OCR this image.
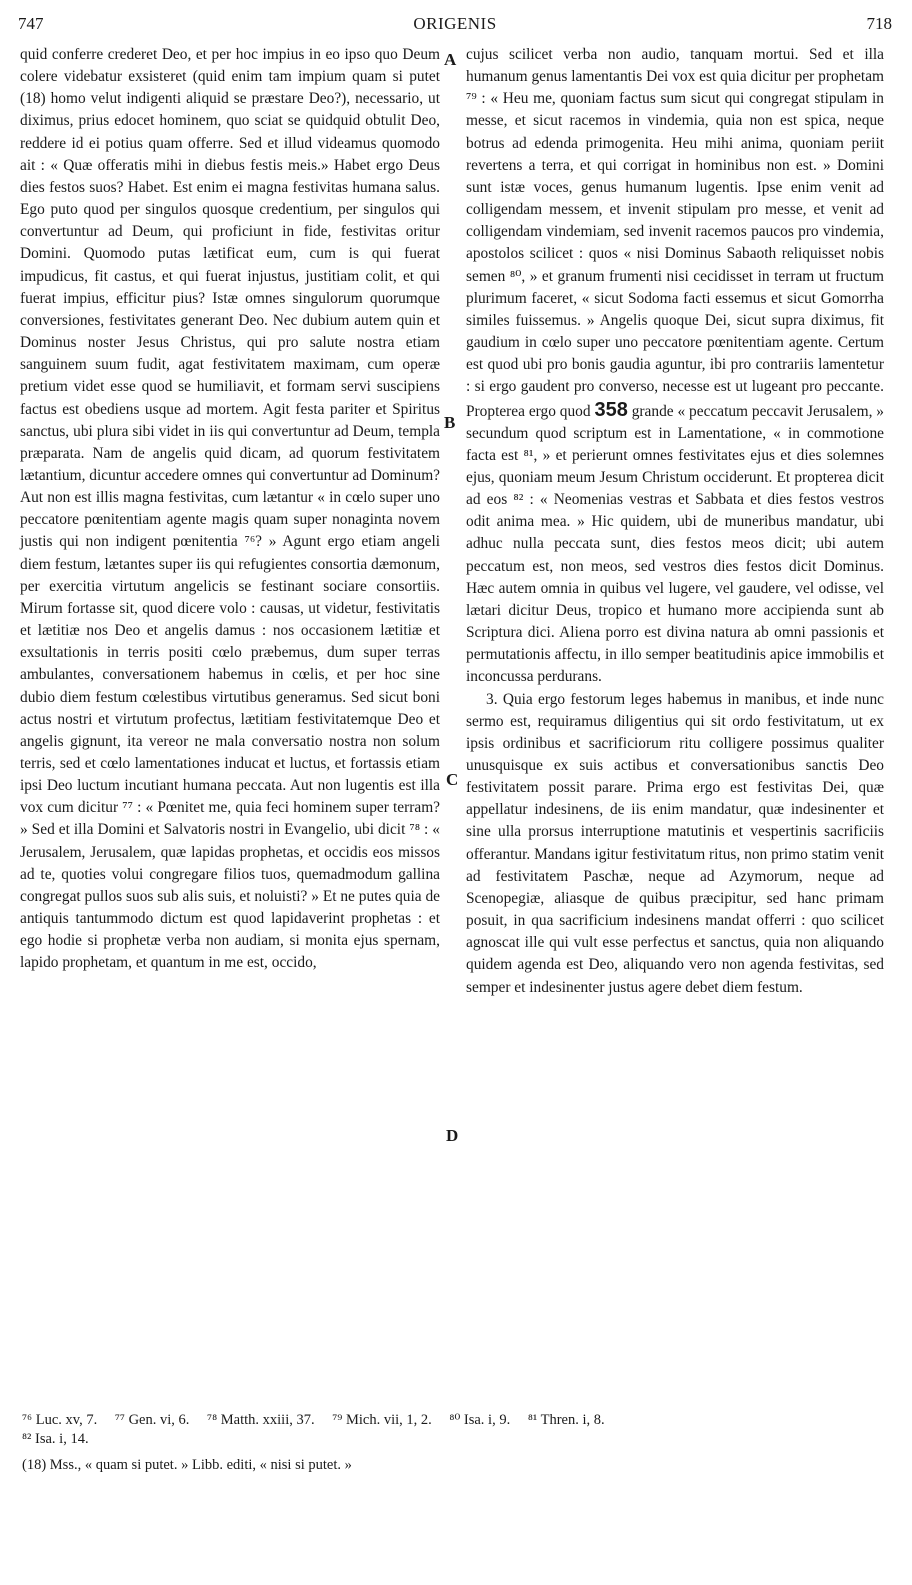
747	ORIGENIS	718

quid conferre crederet Deo, et per hoc impius in eo ipso quo Deum colere videbatur exsisteret (quid enim tam impium quam si putet (18) homo velut indigenti aliquid se præstare Deo?), necessario, ut diximus, prius edocet hominem, quo sciat se quidquid obtulit Deo, reddere id ei potius quam offerre. Sed et illud videamus quomodo ait : « Quæ offeratis mihi in diebus festis meis.» Habet ergo Deus dies festos suos? Habet. Est enim ei magna festivitas humana salus. Ego puto quod per singulos quosque credentium, per singulos qui convertuntur ad Deum, qui proficiunt in fide, festivitas oritur Domini. Quomodo putas lætificat eum, cum is qui fuerat impudicus, fit castus, et qui fuerat injustus, justitiam colit, et qui fuerat impius, efficitur pius? Istæ omnes singulorum quorumque conversiones, festivitates generant Deo. Nec dubium autem quin et Dominus noster Jesus Christus, qui pro salute nostra etiam sanguinem suum fudit, agat festivitatem maximam, cum operæ pretium videt esse quod se humiliavit, et formam servi suscipiens factus est obediens usque ad mortem. Agit festa pariter et Spiritus sanctus, ubi plura sibi videt in iis qui convertuntur ad Deum, templa præparata. Nam de angelis quid dicam, ad quorum festivitatem lætantium, dicuntur accedere omnes qui convertuntur ad Dominum? Aut non est illis magna festivitas, cum lætantur « in cœlo super uno peccatore pœnitentiam agente magis quam super nonaginta novem justis qui non indigent pœnitentia ⁷⁶? » Agunt ergo etiam angeli diem festum, lætantes super iis qui refugientes consortia dæmonum, per exercitia virtutum angelicis se festinant sociare consortiis. Mirum fortasse sit, quod dicere volo : causas, ut videtur, festivitatis et lætitiæ nos Deo et angelis damus : nos occasionem lætitiæ et exsultationis in terris positi cœlo præbemus, dum super terras ambulantes, conversationem habemus in cœlis, et per hoc sine dubio diem festum cœlestibus virtutibus generamus. Sed sicut boni actus nostri et virtutum profectus, lætitiam festivitatemque Deo et angelis gignunt, ita vereor ne mala conversatio nostra non solum terris, sed et cœlo lamentationes inducat et luctus, et fortassis etiam ipsi Deo luctum incutiant humana peccata. Aut non lugentis est illa vox cum dicitur ⁷⁷ : « Pœnitet me, quia feci hominem super terram? » Sed et illa Domini et Salvatoris nostri in Evangelio, ubi dicit ⁷⁸ : « Jerusalem, Jerusalem, quæ lapidas prophetas, et occidis eos missos ad te, quoties volui congregare filios tuos, quemadmodum gallina congregat pullos suos sub alis suis, et noluisti? » Et ne putes quia de antiquis tantummodo dictum est quod lapidaverint prophetas : et ego hodie si prophetæ verba non audiam, si monita ejus spernam, lapido prophetam, et quantum in me est, occido,

A
B
C
D

cujus scilicet verba non audio, tanquam mortui. Sed et illa humanum genus lamentantis Dei vox est quia dicitur per prophetam ⁷⁹ : « Heu me, quoniam factus sum sicut qui congregat stipulam in messe, et sicut racemos in vindemia, quia non est spica, neque botrus ad edenda primogenita. Heu mihi anima, quoniam periit revertens a terra, et qui corrigat in hominibus non est. » Domini sunt istæ voces, genus humanum lugentis. Ipse enim venit ad colligendam messem, et invenit stipulam pro messe, et venit ad colligendam vindemiam, sed invenit racemos paucos pro vindemia, apostolos scilicet : quos « nisi Dominus Sabaoth reliquisset nobis semen ⁸⁰, » et granum frumenti nisi cecidisset in terram ut fructum plurimum faceret, « sicut Sodoma facti essemus et sicut Gomorrha similes fuissemus. » Angelis quoque Dei, sicut supra diximus, fit gaudium in cœlo super uno peccatore pœnitentiam agente. Certum est quod ubi pro bonis gaudia aguntur, ibi pro contrariis lamentetur : si ergo gaudent pro converso, necesse est ut lugeant pro peccante. Propterea ergo quod 358 grande « peccatum peccavit Jerusalem, » secundum quod scriptum est in Lamentatione, « in commotione facta est ⁸¹, » et perierunt omnes festivitates ejus et dies solemnes ejus, quoniam meum Jesum Christum occiderunt. Et propterea dicit ad eos ⁸² : « Neomenias vestras et Sabbata et dies festos vestros odit anima mea. » Hic quidem, ubi de muneribus mandatur, ubi adhuc nulla peccata sunt, dies festos meos dicit; ubi autem peccatum est, non meos, sed vestros dies festos dicit Dominus. Hæc autem omnia in quibus vel lugere, vel gaudere, vel odisse, vel lætari dicitur Deus, tropico et humano more accipienda sunt ab Scriptura dici. Aliena porro est divina natura ab omni passionis et permutationis affectu, in illo semper beatitudinis apice immobilis et inconcussa perdurans.

3. Quia ergo festorum leges habemus in manibus, et inde nunc sermo est, requiramus diligentius qui sit ordo festivitatum, ut ex ipsis ordinibus et sacrificiorum ritu colligere possimus qualiter unusquisque ex suis actibus et conversationibus sanctis Deo festivitatem possit parare. Prima ergo est festivitas Dei, quæ appellatur indesinens, de iis enim mandatur, quæ indesinenter et sine ulla prorsus interruptione matutinis et vespertinis sacrificiis offerantur. Mandans igitur festivitatum ritus, non primo statim venit ad festivitatem Paschæ, neque ad Azymorum, neque ad Scenopegiæ, aliasque de quibus præcipitur, sed hanc primam posuit, in qua sacrificium indesinens mandat offerri : quo scilicet agnoscat ille qui vult esse perfectus et sanctus, quia non aliquando quidem agenda est Deo, aliquando vero non agenda festivitas, sed semper et indesinenter justus agere debet diem festum.

⁷⁶ Luc. xv, 7. ⁷⁷ Gen. vi, 6. ⁷⁸ Matth. xxiii, 37. ⁷⁹ Mich. vii, 1, 2. ⁸⁰ Isa. i, 9. ⁸¹ Thren. i, 8.
⁸² Isa. i, 14.
(18) Mss., « quam si putet. » Libb. editi, « nisi si putet. »
